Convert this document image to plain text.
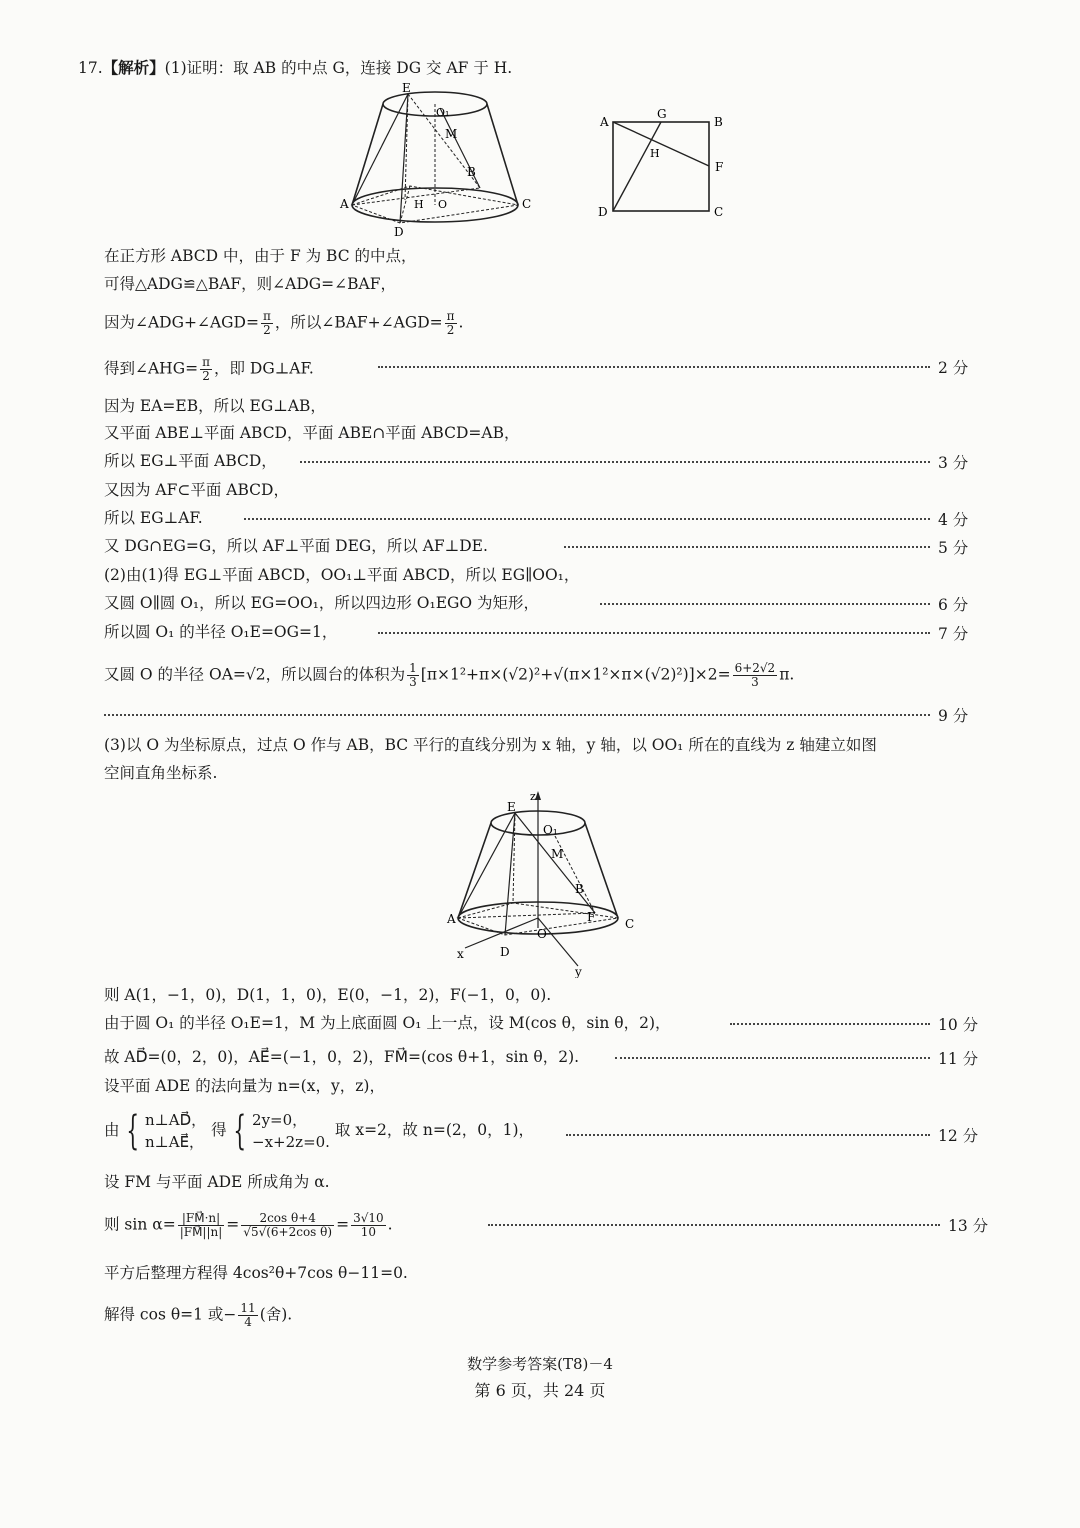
17.【解析】(1)证明：取 AB 的中点 G，连接 DG 交 AF 于 H.
E
O₁
M
B
C
H O
A
D
A
G
B
H
F
D	C
在正方形 ABCD 中，由于 F 为 BC 的中点，
可得△ADG≌△BAF，则∠ADG=∠BAF，
因为∠ADG+∠AGD= $\frac{\pi}{2}$ ，所以∠BAF+∠AGD= $\frac{\pi}{2}$ .
得到∠AHG= $\frac{\pi}{2}$ ，即 DG⊥AF.	2 分
因为 EA=EB，所以 EG⊥AB，
又平面 ABE⊥平面 ABCD，平面 ABE∩平面 ABCD=AB，
所以 EG⊥平面 ABCD，	3 分
又因为 AF⊂平面 ABCD，
所以 EG⊥AF.	4 分
又 DG∩EG=G，所以 AF⊥平面 DEG，所以 AF⊥DE.	5 分
(2)由(1)得 EG⊥平面 ABCD，OO₁⊥平面 ABCD，所以 EG∥OO₁，
又圆 O∥圆 O₁，所以 EG=OO₁，所以四边形 O₁EGO 为矩形，	6 分
所以圆 O₁ 的半径 O₁E=OG=1，	7 分
又圆 O 的半径 OA=√2，所以圆台的体积为 $\frac{1}{3} [\pi\times 1^2+\pi\times(√2)^2+√(\pi\times 1^2\times\pi\times(√2)^2)]\times 2= \frac{6+2√2}{3} \pi$.
9 分
(3)以 O 为坐标原点，过点 O 作与 AB，BC 平行的直线分别为 x 轴，y 轴，以 OO₁ 所在的直线为 z 轴建立如图
空间直角坐标系.
z
E
O₁
M
B
A	F C
O
D
x
y
则 A(1，−1，0)，D(1，1，0)，E(0，−1，2)，F(−1，0，0).
由于圆 O₁ 的半径 O₁E=1，M 为上底面圆 O₁ 上一点，设 M(cos θ，sin θ，2)，	10 分
故 AD⃗=(0，2，0)，AE⃗=(−1，0，2)，FM⃗=(cos θ+1，sin θ，2).	11 分
设平面 ADE 的法向量为 n=(x，y，z)，
由 { n⊥AD⃗，
n⊥AE⃗，
得 { 2y=0，
−x+2z=0.
取 x=2，故 n=(2，0，1)，	12 分
设 FM 与平面 ADE 所成角为 α.
则 $\sin \alpha= \frac{|FM⃗\cdot n|}{|FM⃗||n|} = \frac{\text{2cos θ+4}}{\text{√5√(6+2cos θ)}} = \frac{3√10}{10}$ .	13 分
平方后整理方程得 4cos²θ+7cos θ−11=0.
解得 cos θ=1 或− $\frac{11}{4}$ (舍).
数学参考答案(T8)－4
第 6 页，共 24 页
